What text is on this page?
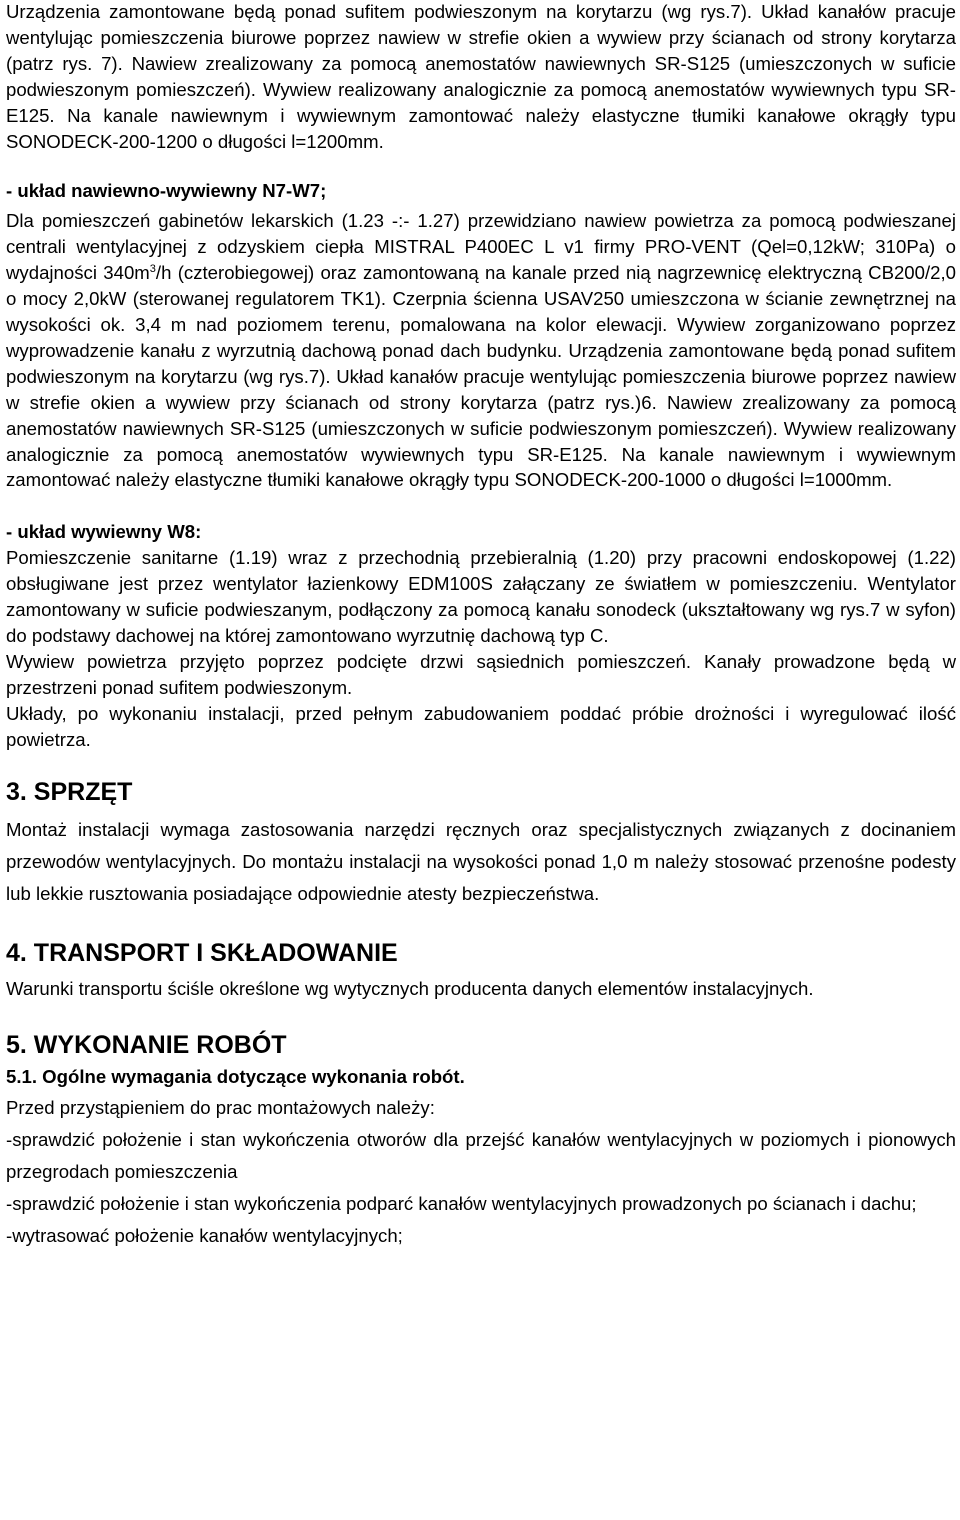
Urządzenia zamontowane będą ponad sufitem podwieszonym na korytarzu (wg rys.7). Układ kanałów pracuje wentylując pomieszczenia biurowe poprzez nawiew w strefie okien a wywiew przy ścianach od strony korytarza (patrz rys. 7). Nawiew zrealizowany za pomocą anemostatów nawiewnych SR-S125 (umieszczonych w suficie podwieszonym pomieszczeń). Wywiew realizowany analogicznie za pomocą anemostatów wywiewnych typu SR-E125. Na kanale nawiewnym i wywiewnym zamontować należy elastyczne tłumiki kanałowe okrągły typu SONODECK-200-1200 o długości l=1200mm.

- układ nawiewno-wywiewny N7-W7;

Dla pomieszczeń gabinetów lekarskich (1.23 -:- 1.27) przewidziano nawiew powietrza za pomocą podwieszanej centrali wentylacyjnej z odzyskiem ciepła MISTRAL P400EC L v1 firmy PRO-VENT (Qel=0,12kW; 310Pa) o wydajności $340m^3/h$ (czterobiegowej) oraz zamontowaną na kanale przed nią nagrzewnicę elektryczną CB200/2,0 o mocy 2,0kW (sterowanej regulatorem TK1). Czerpnia ścienna USAV250 umieszczona w ścianie zewnętrznej na wysokości ok. 3,4 m nad poziomem terenu, pomalowana na kolor elewacji. Wywiew zorganizowano poprzez wyprowadzenie kanału z wyrzutnią dachową ponad dach budynku. Urządzenia zamontowane będą ponad sufitem podwieszonym na korytarzu (wg rys.7). Układ kanałów pracuje wentylując pomieszczenia biurowe poprzez nawiew w strefie okien a wywiew przy ścianach od strony korytarza (patrz rys.)6. Nawiew zrealizowany za pomocą anemostatów nawiewnych SR-S125 (umieszczonych w suficie podwieszonym pomieszczeń). Wywiew realizowany analogicznie za pomocą anemostatów wywiewnych typu SR-E125. Na kanale nawiewnym i wywiewnym zamontować należy elastyczne tłumiki kanałowe okrągły typu SONODECK-200-1000 o długości l=1000mm.

- układ wywiewny W8:

Pomieszczenie sanitarne (1.19) wraz z przechodnią przebieralnią (1.20) przy pracowni endoskopowej (1.22) obsługiwane jest przez wentylator łazienkowy EDM100S załączany ze światłem w pomieszczeniu. Wentylator zamontowany w suficie podwieszanym, podłączony za pomocą kanału sonodeck (ukształtowany wg rys.7 w syfon) do podstawy dachowej na której zamontowano wyrzutnię dachową typ C.

Wywiew powietrza przyjęto poprzez podcięte drzwi sąsiednich pomieszczeń. Kanały prowadzone będą w przestrzeni ponad sufitem podwieszonym.

Układy, po wykonaniu instalacji, przed pełnym zabudowaniem poddać próbie drożności i wyregulować ilość powietrza.

3. SPRZĘT

Montaż instalacji wymaga zastosowania narzędzi ręcznych oraz specjalistycznych związanych z docinaniem przewodów wentylacyjnych. Do montażu instalacji na wysokości ponad 1,0 m należy stosować przenośne podesty lub lekkie rusztowania posiadające odpowiednie atesty bezpieczeństwa.

4. TRANSPORT I SKŁADOWANIE

Warunki transportu ściśle określone wg wytycznych producenta danych elementów instalacyjnych.

5. WYKONANIE ROBÓT

5.1. Ogólne wymagania dotyczące wykonania robót.

Przed przystąpieniem do prac montażowych należy:

-sprawdzić położenie i stan wykończenia otworów dla przejść kanałów wentylacyjnych w poziomych i pionowych przegrodach pomieszczenia

-sprawdzić położenie i stan wykończenia podparć kanałów wentylacyjnych prowadzonych po ścianach i dachu;

-wytrasować położenie kanałów wentylacyjnych;
